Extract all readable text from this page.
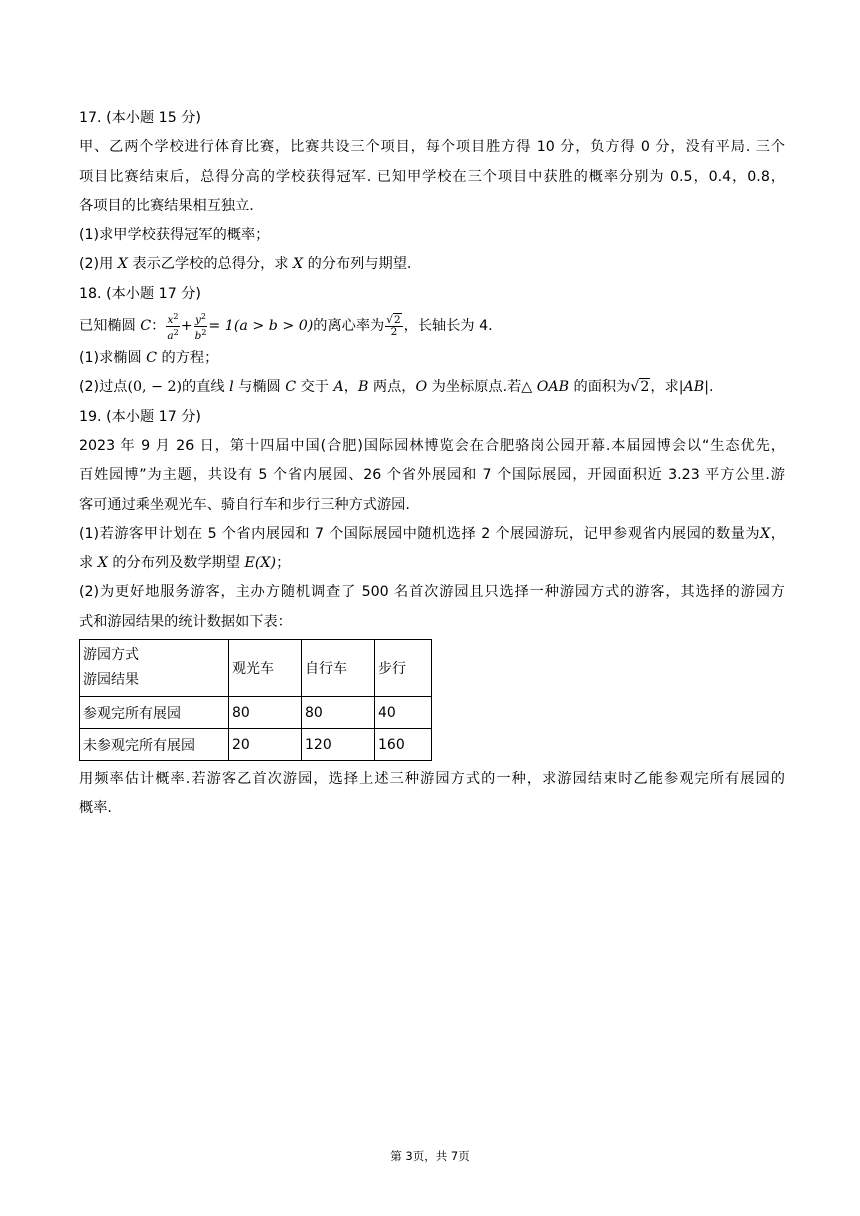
17. (本小题 15 分)
甲、乙两个学校进行体育比赛，比赛共设三个项目，每个项目胜方得 10 分，负方得 0 分，没有平局. 三个
项目比赛结束后，总得分高的学校获得冠军. 已知甲学校在三个项目中获胜的概率分别为 0.5，0.4，0.8，
各项目的比赛结果相互独立.
(1)求甲学校获得冠军的概率；
(2)用 X 表示乙学校的总得分，求 X 的分布列与期望.
18. (本小题 17 分)
已知椭圆 C： $\frac{x^2}{a^2} + \frac{y^2}{b^2} = 1(a > b > 0)$的离心率为 $\frac{√2}{2}$ ，长轴长为 4.
(1)求椭圆 C 的方程；
(2)过点(0, − 2)的直线 l 与椭圆 C 交于 A，B 两点，O 为坐标原点.若△ OAB 的面积为√2，求|AB|.
19. (本小题 17 分)
2023 年 9 月 26 日，第十四届中国(合肥)国际园林博览会在合肥骆岗公园开幕.本届园博会以“生态优先，
百姓园博”为主题，共设有 5 个省内展园、26 个省外展园和 7 个国际展园，开园面积近 3.23 平方公里.游
客可通过乘坐观光车、骑自行车和步行三种方式游园.
(1)若游客甲计划在 5 个省内展园和 7 个国际展园中随机选择 2 个展园游玩，记甲参观省内展园的数量为X，
求 X 的分布列及数学期望 E(X)；
(2)为更好地服务游客，主办方随机调查了 500 名首次游园且只选择一种游园方式的游客，其选择的游园方
式和游园结果的统计数据如下表：
游园方式
游园结果	观光车	自行车	步行
参观完所有展园	80	80	40
未参观完所有展园	20	120	160
用频率估计概率.若游客乙首次游园，选择上述三种游园方式的一种，求游园结束时乙能参观完所有展园的
概率.
第 3页，共 7页
